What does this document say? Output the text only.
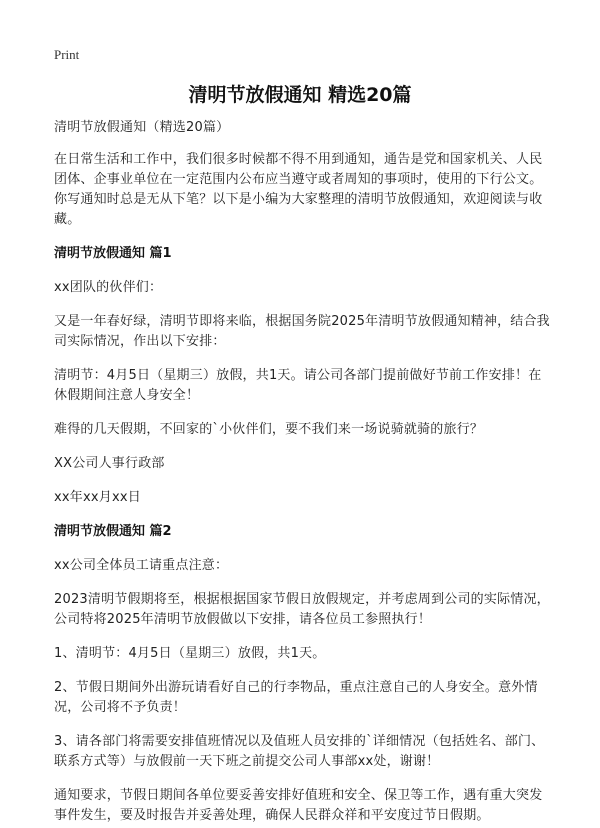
Print
清明节放假通知 精选20篇

清明节放假通知（精选20篇）

在日常生活和工作中，我们很多时候都不得不用到通知，通告是党和国家机关、人民团体、企事业单位在一定范围内公布应当遵守或者周知的事项时，使用的下行公文。你写通知时总是无从下笔？以下是小编为大家整理的清明节放假通知，欢迎阅读与收藏。

清明节放假通知 篇1

xx团队的伙伴们：

又是一年春好绿，清明节即将来临，根据国务院2025年清明节放假通知精神，结合我司实际情况，作出以下安排：

清明节：4月5日（星期三）放假，共1天。请公司各部门提前做好节前工作安排！在休假期间注意人身安全！

难得的几天假期，不回家的`小伙伴们，要不我们来一场说骑就骑的旅行？

XX公司人事行政部

xx年xx月xx日

清明节放假通知 篇2

xx公司全体员工请重点注意：

2023清明节假期将至，根据根据国家节假日放假规定，并考虑周到公司的实际情况，公司特将2025年清明节放假做以下安排，请各位员工参照执行！

1、清明节：4月5日（星期三）放假，共1天。

2、节假日期间外出游玩请看好自己的行李物品，重点注意自己的人身安全。意外情况，公司将不予负责！

3、请各部门将需要安排值班情况以及值班人员安排的`详细情况（包括姓名、部门、联系方式等）与放假前一天下班之前提交公司人事部xx处，谢谢！

通知要求，节假日期间各单位要妥善安排好值班和安全、保卫等工作，遇有重大突发事件发生，要及时报告并妥善处理，确保人民群众祥和平安度过节日假期。
